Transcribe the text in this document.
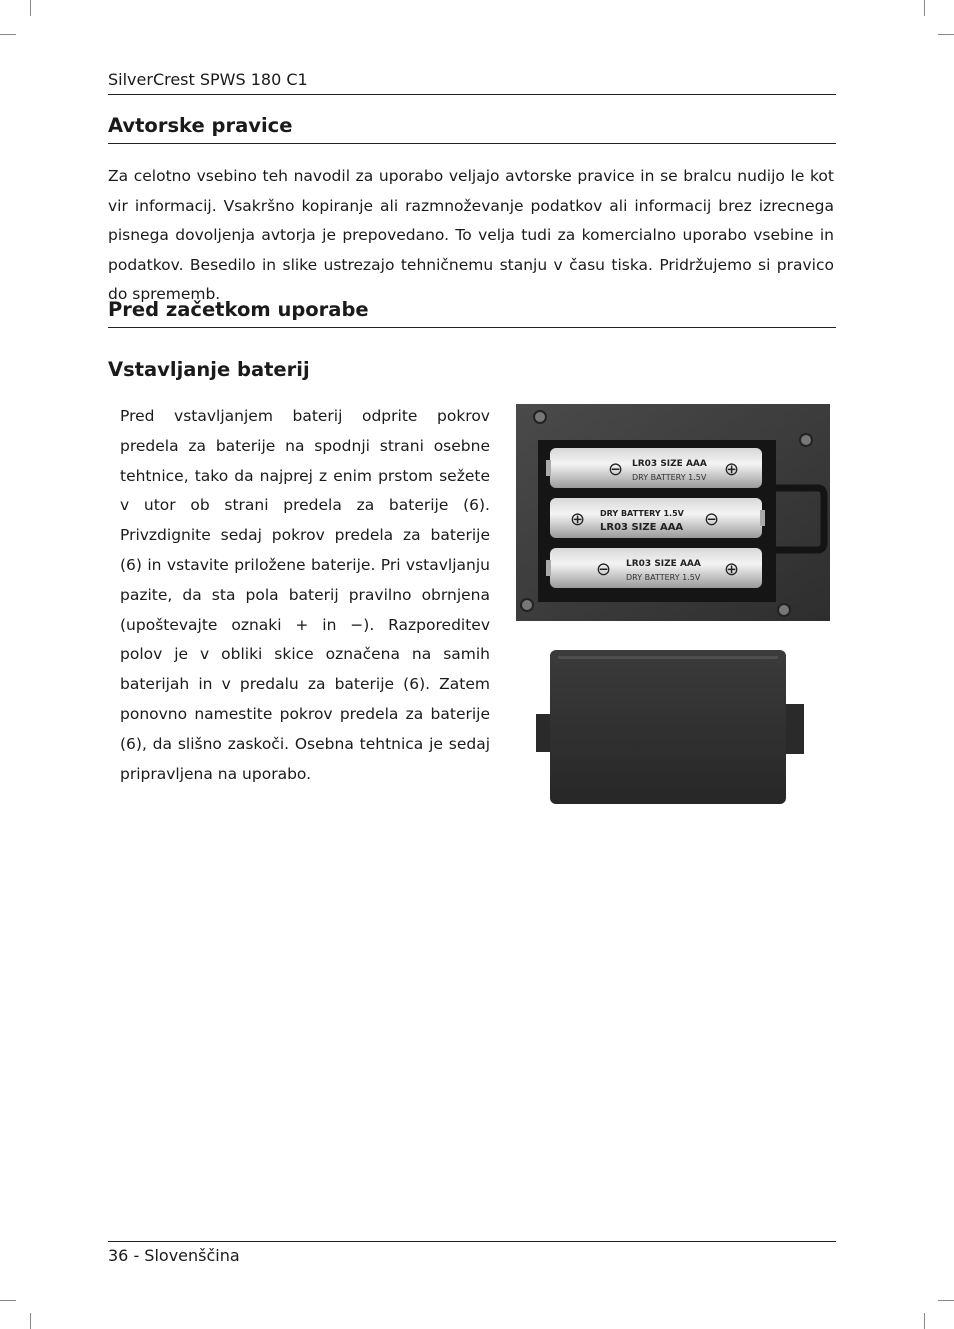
SilverCrest SPWS 180 C1
Avtorske pravice

Za celotno vsebino teh navodil za uporabo veljajo avtorske pravice in se bralcu nudijo le kot vir informacij. Vsakršno kopiranje ali razmnoževanje podatkov ali informacij brez izrecnega pisnega dovoljenja avtorja je prepovedano. To velja tudi za komercialno uporabo vsebine in podatkov. Besedilo in slike ustrezajo tehničnemu stanju v času tiska. Pridržujemo si pravico do sprememb.

Pred začetkom uporabe
Vstavljanje baterij

Pred vstavljanjem baterij odprite pokrov predela za baterije na spodnji strani osebne tehtnice, tako da najprej z enim prstom sežete v utor ob strani predela za baterije (6). Privzdignite sedaj pokrov predela za baterije (6) in vstavite priložene baterije. Pri vstavljanju pazite, da sta pola baterij pravilno obrnjena (upoštevajte oznaki + in −). Razporeditev polov je v obliki skice označena na samih baterijah in v predalu za baterije (6). Zatem ponovno namestite pokrov predela za baterije (6), da slišno zaskoči. Osebna tehtnica je sedaj pripravljena na uporabo.

⊖ LR03 SIZE AAA
DRY BATTERY 1.5V ⊕
⊕ DRY BATTERY 1.5V
LR03 SIZE AAA ⊖
⊖ LR03 SIZE AAA
DRY BATTERY 1.5V ⊕
36 - Slovenščina
